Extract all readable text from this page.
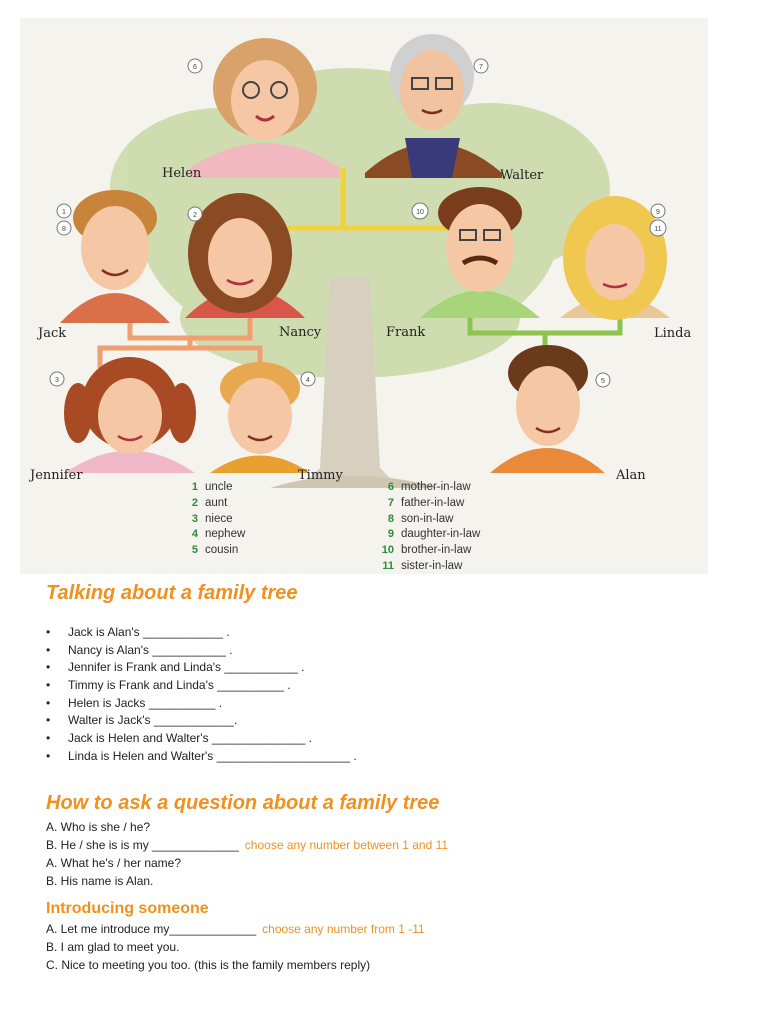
6	7
1
8
2	10	9
11
3	4	5
Helen	Walter
Jack	Nancy	Frank	Linda
Jennifer	Timmy	Alan
1 uncle
2 aunt
3 niece
4 nephew
5 cousin
6 mother-in-law
7 father-in-law
8 son-in-law
9 daughter-in-law
10 brother-in-law
11 sister-in-law
Talking about a family tree
• Jack is Alan's ____________ .
• Nancy is Alan's ___________ .
• Jennifer is Frank and Linda's ___________ .
• Timmy is Frank and Linda's __________ .
• Helen is Jacks __________ .
• Walter is Jack's ____________.
• Jack is Helen and Walter's ______________ .
• Linda is Helen and Walter's ____________________ .
How to ask a question about a family tree
A. Who is she / he?
B. He / she is is my _____________ choose any number between 1 and 11
A. What he's / her name?
B. His name is Alan.
Introducing someone
A. Let me introduce my_____________ choose any number from 1 -11
B. I am glad to meet you.
C. Nice to meeting you too. (this is the family members reply)
